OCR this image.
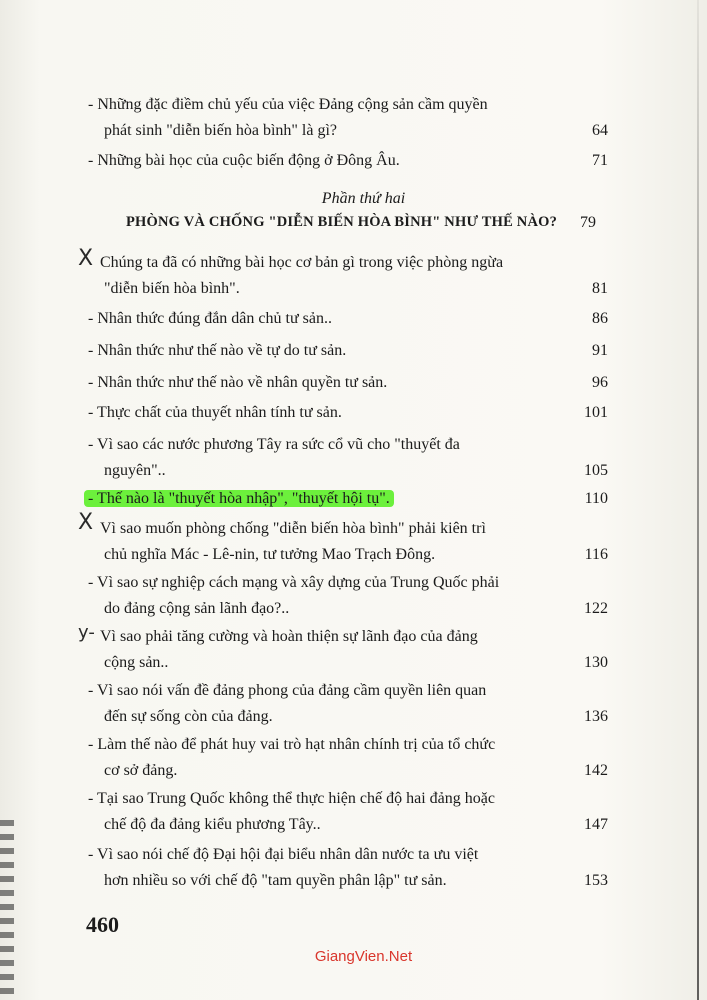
- Những đặc điềm chủ yếu của việc Đảng cộng sản cầm quyền
phát sinh "diễn biến hòa bình" là gì?	64
- Những bài học của cuộc biến động ở Đông Âu.	71
Phần thứ hai
PHÒNG VÀ CHỐNG "DIỄN BIẾN HÒA BÌNH" NHƯ THẾ NÀO? 79
X Chúng ta đã có những bài học cơ bản gì trong việc phòng ngừa
"diễn biến hòa bình".	81
- Nhân thức đúng đắn dân chủ tư sản..	86
- Nhân thức như thế nào về tự do tư sản.	91
- Nhân thức như thế nào về nhân quyền tư sản.	96
- Thực chất của thuyết nhân tính tư sản.	101
- Vì sao các nước phương Tây ra sức cổ vũ cho "thuyết đa
nguyên"..	105
- Thế nào là "thuyết hòa nhập", "thuyết hội tụ".	110
X Vì sao muốn phòng chống "diễn biến hòa bình" phải kiên trì
chủ nghĩa Mác - Lê-nin, tư tưởng Mao Trạch Đông.	116
- Vì sao sự nghiệp cách mạng và xây dựng của Trung Quốc phải
do đảng cộng sản lãnh đạo?..	122
y- Vì sao phải tăng cường và hoàn thiện sự lãnh đạo của đảng
cộng sản..	130
- Vì sao nói vấn đề đảng phong của đảng cầm quyền liên quan
đến sự sống còn của đảng.	136
- Làm thế nào để phát huy vai trò hạt nhân chính trị của tổ chức
cơ sở đảng.	142
- Tại sao Trung Quốc không thể thực hiện chế độ hai đảng hoặc
chế độ đa đảng kiểu phương Tây..	147
- Vì sao nói chế độ Đại hội đại biểu nhân dân nước ta ưu việt
hơn nhiều so với chế độ "tam quyền phân lập" tư sản.	153
460
GiangVien.Net
